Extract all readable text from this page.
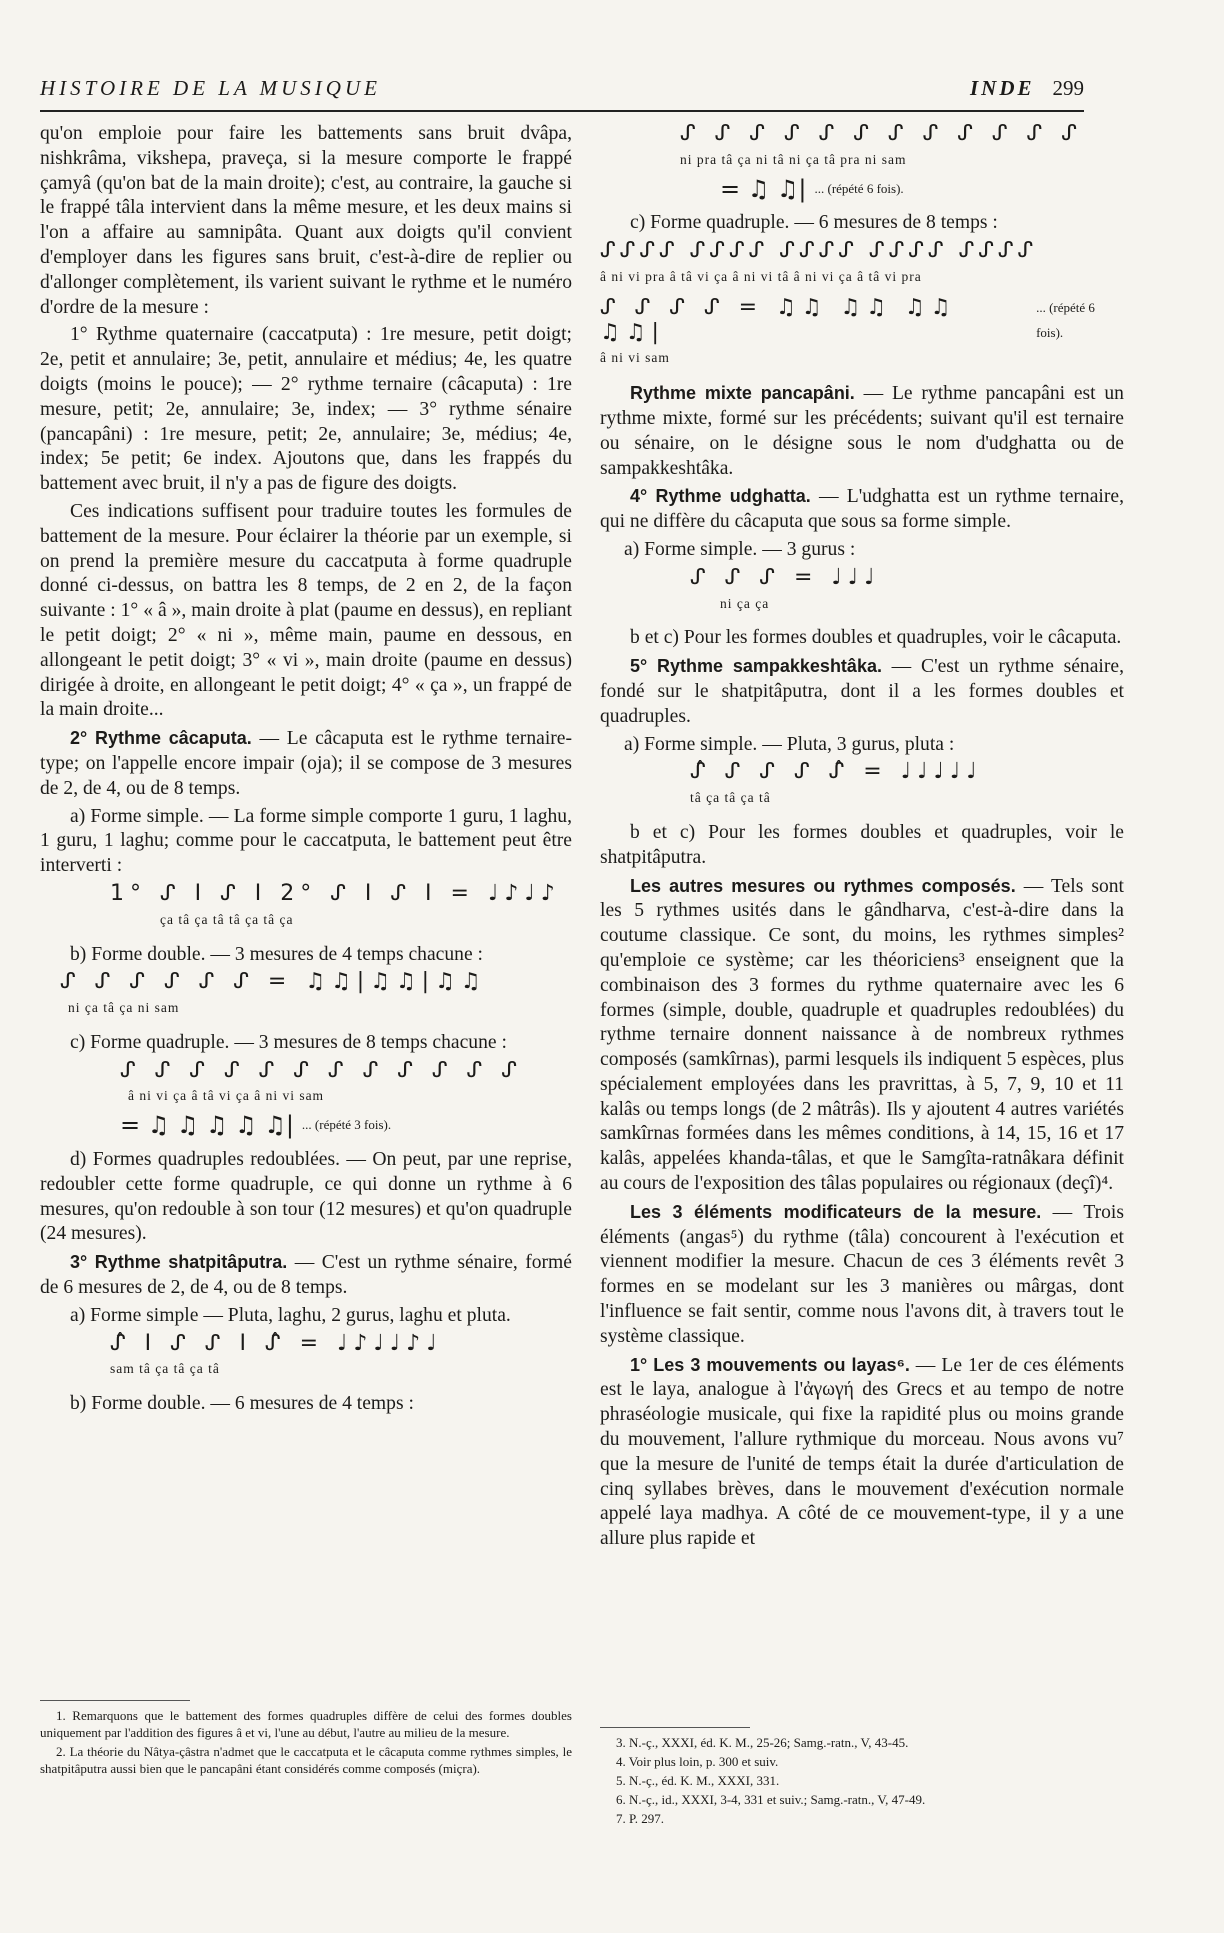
HISTOIRE DE LA MUSIQUE	INDE 299

qu'on emploie pour faire les battements sans bruit dvâpa, nishkrâma, vikshepa, praveça, si la mesure comporte le frappé çamyâ (qu'on bat de la main droite); c'est, au contraire, la gauche si le frappé tâla intervient dans la même mesure, et les deux mains si l'on a affaire au samnipâta. Quant aux doigts qu'il convient d'employer dans les figures sans bruit, c'est-à-dire de replier ou d'allonger complètement, ils varient suivant le rythme et le numéro d'ordre de la mesure :

1° Rythme quaternaire (caccatputa) : 1re mesure, petit doigt; 2e, petit et annulaire; 3e, petit, annulaire et médius; 4e, les quatre doigts (moins le pouce); — 2° rythme ternaire (câcaputa) : 1re mesure, petit; 2e, annulaire; 3e, index; — 3° rythme sénaire (pancapâni) : 1re mesure, petit; 2e, annulaire; 3e, médius; 4e, index; 5e petit; 6e index. Ajoutons que, dans les frappés du battement avec bruit, il n'y a pas de figure des doigts.

Ces indications suffisent pour traduire toutes les formules de battement de la mesure. Pour éclairer la théorie par un exemple, si on prend la première mesure du caccatputa à forme quadruple donné ci-dessus, on battra les 8 temps, de 2 en 2, de la façon suivante : 1° « â », main droite à plat (paume en dessus), en repliant le petit doigt; 2° « ni », même main, paume en dessous, en allongeant le petit doigt; 3° « vi », main droite (paume en dessus) dirigée à droite, en allongeant le petit doigt; 4° « ça », un frappé de la main droite...

2° Rythme câcaputa. — Le câcaputa est le rythme ternaire-type; on l'appelle encore impair (oja); il se compose de 3 mesures de 2, de 4, ou de 8 temps.

a) Forme simple. — La forme simple comporte 1 guru, 1 laghu, 1 guru, 1 laghu; comme pour le caccatputa, le battement peut être interverti :

1° ᔑ I ᔑ I 2° ᔑ I ᔑ I = ♩♪♩♪
ça tâ ça tâ tâ ça tâ ça

b) Forme double. — 3 mesures de 4 temps chacune :

ᔑ ᔑ ᔑ ᔑ ᔑ ᔑ = ♫♫|♫♫|♫♫
ni ça tâ ça ni sam

c) Forme quadruple. — 3 mesures de 8 temps chacune :

ᔑ ᔑ ᔑ ᔑ ᔑ ᔑ ᔑ ᔑ ᔑ ᔑ ᔑ ᔑ
â ni vi ça â tâ vi ça â ni vi sam
= ♫ ♫ ♫ ♫ ♫| ... (répété 3 fois).

d) Formes quadruples redoublées. — On peut, par une reprise, redoubler cette forme quadruple, ce qui donne un rythme à 6 mesures, qu'on redouble à son tour (12 mesures) et qu'on quadruple (24 mesures).

3° Rythme shatpitâputra. — C'est un rythme sénaire, formé de 6 mesures de 2, de 4, ou de 8 temps.

a) Forme simple — Pluta, laghu, 2 gurus, laghu et pluta.

ᔑ̂ I ᔑ ᔑ I ᔑ̂ = ♩♪♩♩♪♩
sam tâ ça tâ ça tâ

b) Forme double. — 6 mesures de 4 temps :

1. Remarquons que le battement des formes quadruples diffère de celui des formes doubles uniquement par l'addition des figures â et vi, l'une au début, l'autre au milieu de la mesure.

2. La théorie du Nâtya-çâstra n'admet que le caccatputa et le câcaputa comme rythmes simples, le shatpitâputra aussi bien que le pancapâni étant considérés comme composés (miçra).

ᔑ ᔑ ᔑ ᔑ ᔑ ᔑ ᔑ ᔑ ᔑ ᔑ ᔑ ᔑ
ni pra tâ ça ni tâ ni ça tâ pra ni sam
= ♫ ♫| ... (répété 6 fois).

c) Forme quadruple. — 6 mesures de 8 temps :

ᔑᔑᔑᔑ ᔑᔑᔑᔑ ᔑᔑᔑᔑ ᔑᔑᔑᔑ ᔑᔑᔑᔑ
â ni vi pra â tâ vi ça â ni vi tâ â ni vi ça â tâ vi pra
ᔑ ᔑ ᔑ ᔑ = ♫♫ ♫♫ ♫♫ ♫♫|
... (répété 6 fois).
â ni vi sam

Rythme mixte pancapâni. — Le rythme pancapâni est un rythme mixte, formé sur les précédents; suivant qu'il est ternaire ou sénaire, on le désigne sous le nom d'udghatta ou de sampakkeshtâka.

4° Rythme udghatta. — L'udghatta est un rythme ternaire, qui ne diffère du câcaputa que sous sa forme simple.

a) Forme simple. — 3 gurus :

ᔑ ᔑ ᔑ = ♩♩♩
ni ça ça

b et c) Pour les formes doubles et quadruples, voir le câcaputa.

5° Rythme sampakkeshtâka. — C'est un rythme sénaire, fondé sur le shatpitâputra, dont il a les formes doubles et quadruples.

a) Forme simple. — Pluta, 3 gurus, pluta :

ᔑ̂ ᔑ ᔑ ᔑ ᔑ̂ = ♩♩♩♩♩
tâ ça tâ ça tâ

b et c) Pour les formes doubles et quadruples, voir le shatpitâputra.

Les autres mesures ou rythmes composés. — Tels sont les 5 rythmes usités dans le gândharva, c'est-à-dire dans la coutume classique. Ce sont, du moins, les rythmes simples² qu'emploie ce système; car les théoriciens³ enseignent que la combinaison des 3 formes du rythme quaternaire avec les 6 formes (simple, double, quadruple et quadruples redoublées) du rythme ternaire donnent naissance à de nombreux rythmes composés (samkîrnas), parmi lesquels ils indiquent 5 espèces, plus spécialement employées dans les pravrittas, à 5, 7, 9, 10 et 11 kalâs ou temps longs (de 2 mâtrâs). Ils y ajoutent 4 autres variétés samkîrnas formées dans les mêmes conditions, à 14, 15, 16 et 17 kalâs, appelées khanda-tâlas, et que le Samgîta-ratnâkara définit au cours de l'exposition des tâlas populaires ou régionaux (deçî)⁴.

Les 3 éléments modificateurs de la mesure. — Trois éléments (angas⁵) du rythme (tâla) concourent à l'exécution et viennent modifier la mesure. Chacun de ces 3 éléments revêt 3 formes en se modelant sur les 3 manières ou mârgas, dont l'influence se fait sentir, comme nous l'avons dit, à travers tout le système classique.

1° Les 3 mouvements ou layas⁶. — Le 1er de ces éléments est le laya, analogue à l'ἀγωγή des Grecs et au tempo de notre phraséologie musicale, qui fixe la rapidité plus ou moins grande du mouvement, l'allure rythmique du morceau. Nous avons vu⁷ que la mesure de l'unité de temps était la durée d'articulation de cinq syllabes brèves, dans le mouvement d'exécution normale appelé laya madhya. A côté de ce mouvement-type, il y a une allure plus rapide et

3. N.-ç., XXXI, éd. K. M., 25-26; Samg.-ratn., V, 43-45.

4. Voir plus loin, p. 300 et suiv.

5. N.-ç., éd. K. M., XXXI, 331.

6. N.-ç., id., XXXI, 3-4, 331 et suiv.; Samg.-ratn., V, 47-49.

7. P. 297.
